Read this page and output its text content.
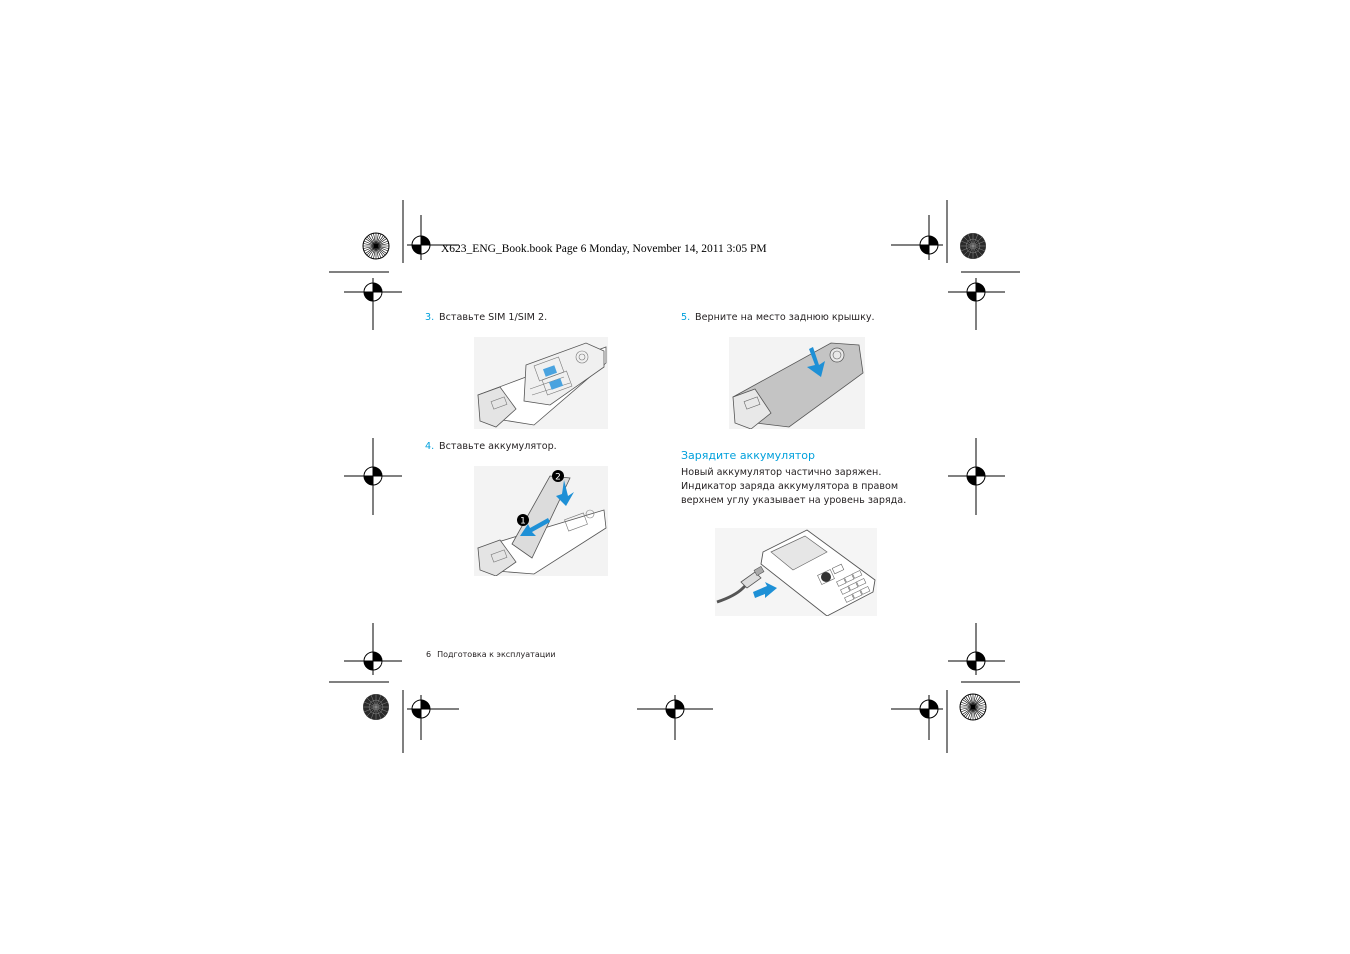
X623_ENG_Book.book Page 6 Monday, November 14, 2011 3:05 PM
3. Вставьте SIM 1/SIM 2.
4. Вставьте аккумулятор.
1
2
5. Верните на место заднюю крышку.
Зарядите аккумулятор
Новый аккумулятор частично заряжен.
Индикатор заряда аккумулятора в правом
верхнем углу указывает на уровень заряда.
6 Подготовка к эксплуатации
